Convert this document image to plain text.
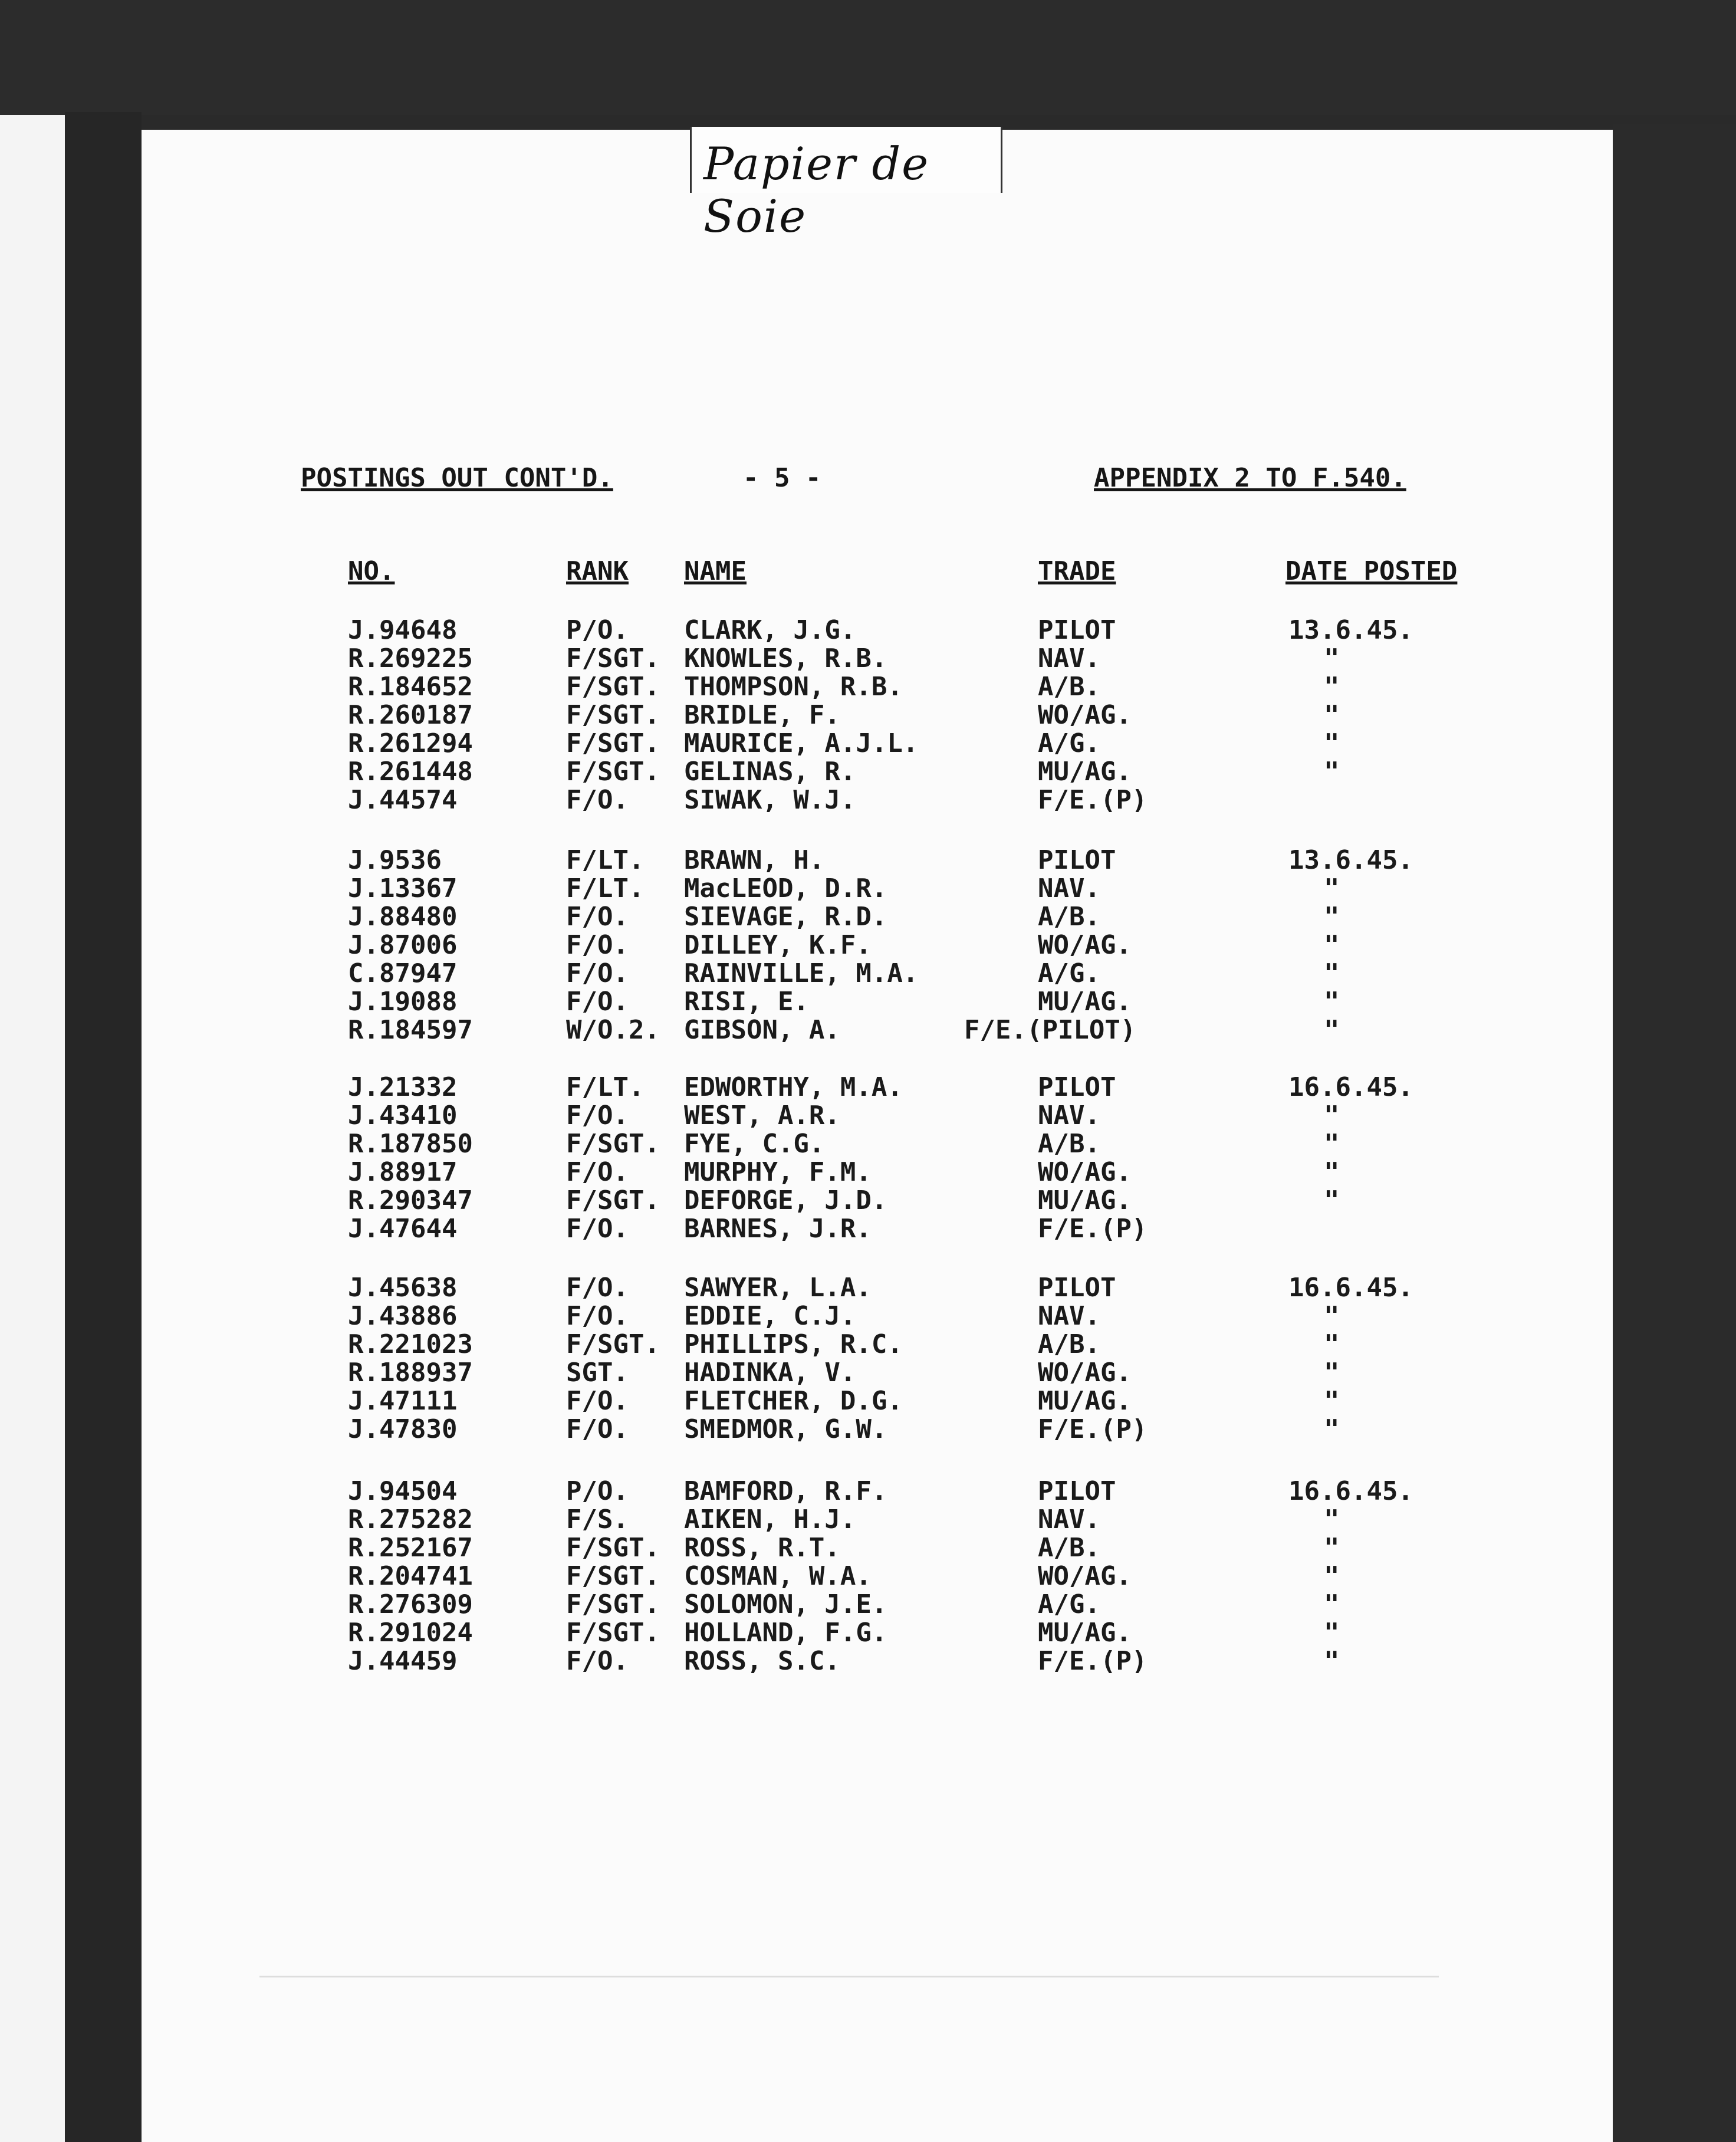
Papier de Soie
POSTINGS OUT CONT'D.	- 5 -	APPENDIX 2 TO F.540.
NO.	RANK NAME	TRADE	DATE POSTED
J.94648	P/O. CLARK, J.G.	PILOT	13.6.45.
R.269225	F/SGT. KNOWLES, R.B.	NAV.	"
R.184652	F/SGT. THOMPSON, R.B.	A/B.	"
R.260187	F/SGT. BRIDLE, F.	WO/AG.	"
R.261294	F/SGT. MAURICE, A.J.L.	A/G.	"
R.261448	F/SGT. GELINAS, R.	MU/AG.	"
J.44574	F/O. SIWAK, W.J.	F/E.(P)
J.9536	F/LT. BRAWN, H.	PILOT	13.6.45.
J.13367	F/LT. MacLEOD, D.R.	NAV.	"
J.88480	F/O. SIEVAGE, R.D.	A/B.	"
J.87006	F/O. DILLEY, K.F.	WO/AG.	"
C.87947	F/O. RAINVILLE, M.A.	A/G.	"
J.19088	F/O. RISI, E.	MU/AG.	"
R.184597	W/O.2. GIBSON, A.	F/E.(PILOT)	"
J.21332	F/LT. EDWORTHY, M.A.	PILOT	16.6.45.
J.43410	F/O. WEST, A.R.	NAV.	"
R.187850	F/SGT. FYE, C.G.	A/B.	"
J.88917	F/O. MURPHY, F.M.	WO/AG.	"
R.290347	F/SGT. DEFORGE, J.D.	MU/AG.	"
J.47644	F/O. BARNES, J.R.	F/E.(P)
J.45638	F/O. SAWYER, L.A.	PILOT	16.6.45.
J.43886	F/O. EDDIE, C.J.	NAV.	"
R.221023	F/SGT. PHILLIPS, R.C.	A/B.	"
R.188937	SGT. HADINKA, V.	WO/AG.	"
J.47111	F/O. FLETCHER, D.G.	MU/AG.	"
J.47830	F/O. SMEDMOR, G.W.	F/E.(P)	"
J.94504	P/O. BAMFORD, R.F.	PILOT	16.6.45.
R.275282	F/S. AIKEN, H.J.	NAV.	"
R.252167	F/SGT. ROSS, R.T.	A/B.	"
R.204741	F/SGT. COSMAN, W.A.	WO/AG.	"
R.276309	F/SGT. SOLOMON, J.E.	A/G.	"
R.291024	F/SGT. HOLLAND, F.G.	MU/AG.	"
J.44459	F/O. ROSS, S.C.	F/E.(P)	"
